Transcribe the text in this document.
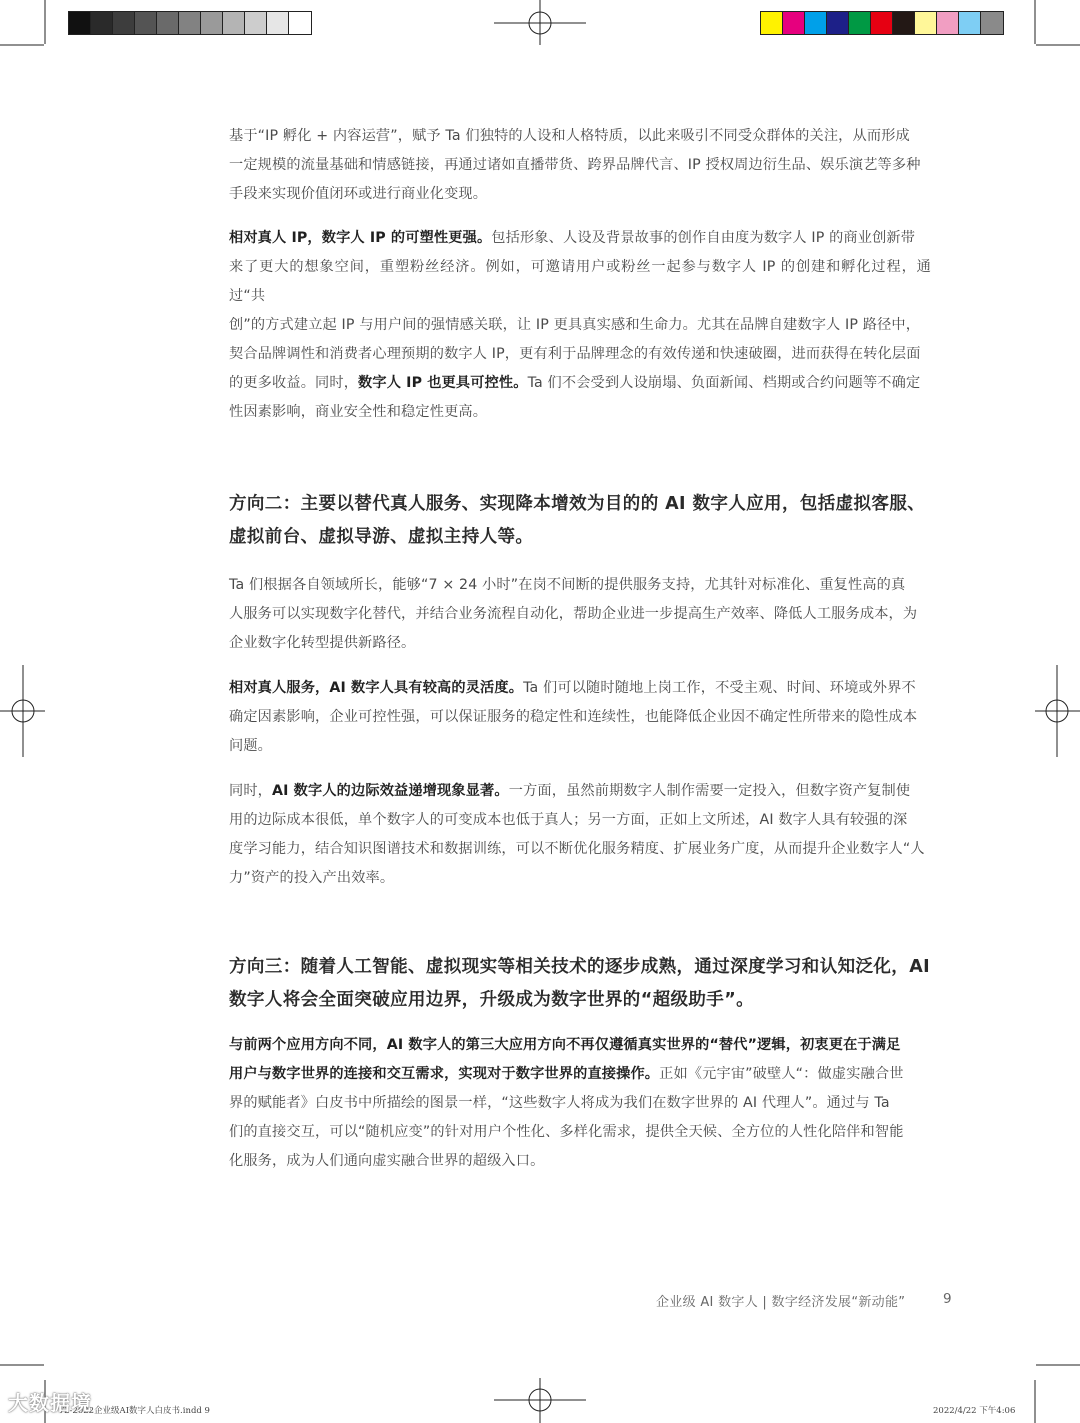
基于“IP 孵化 + 内容运营”，赋予 Ta 们独特的人设和人格特质，以此来吸引不同受众群体的关注，从而形成
一定规模的流量基础和情感链接，再通过诸如直播带货、跨界品牌代言、IP 授权周边衍生品、娱乐演艺等多种
手段来实现价值闭环或进行商业化变现。
相对真人 IP，数字人 IP 的可塑性更强。包括形象、人设及背景故事的创作自由度为数字人 IP 的商业创新带
来了更大的想象空间，重塑粉丝经济。例如，可邀请用户或粉丝一起参与数字人 IP 的创建和孵化过程，通过“共
创”的方式建立起 IP 与用户间的强情感关联，让 IP 更具真实感和生命力。尤其在品牌自建数字人 IP 路径中，
契合品牌调性和消费者心理预期的数字人 IP，更有利于品牌理念的有效传递和快速破圈，进而获得在转化层面
的更多收益。同时，数字人 IP 也更具可控性。Ta 们不会受到人设崩塌、负面新闻、档期或合约问题等不确定
性因素影响，商业安全性和稳定性更高。
方向二：主要以替代真人服务、实现降本增效为目的的 AI 数字人应用，包括虚拟客服、
虚拟前台、虚拟导游、虚拟主持人等。
Ta 们根据各自领域所长，能够“7 × 24 小时”在岗不间断的提供服务支持，尤其针对标准化、重复性高的真
人服务可以实现数字化替代，并结合业务流程自动化，帮助企业进一步提高生产效率、降低人工服务成本，为
企业数字化转型提供新路径。
相对真人服务，AI 数字人具有较高的灵活度。Ta 们可以随时随地上岗工作，不受主观、时间、环境或外界不
确定因素影响，企业可控性强，可以保证服务的稳定性和连续性，也能降低企业因不确定性所带来的隐性成本
问题。
同时，AI 数字人的边际效益递增现象显著。一方面，虽然前期数字人制作需要一定投入，但数字资产复制使
用的边际成本很低，单个数字人的可变成本也低于真人；另一方面，正如上文所述，AI 数字人具有较强的深
度学习能力，结合知识图谱技术和数据训练，可以不断优化服务精度、扩展业务广度，从而提升企业数字人“人
力”资产的投入产出效率。
方向三：随着人工智能、虚拟现实等相关技术的逐步成熟，通过深度学习和认知泛化，AI
数字人将会全面突破应用边界，升级成为数字世界的“超级助手”。
与前两个应用方向不同，AI 数字人的第三大应用方向不再仅遵循真实世界的“替代”逻辑，初衷更在于满足
用户与数字世界的连接和交互需求，实现对于数字世界的直接操作。正如《元宇宙”破壁人“：做虚实融合世
界的赋能者》白皮书中所描绘的图景一样，“这些数字人将成为我们在数字世界的 AI 代理人”。通过与 Ta
们的直接交互，可以“随机应变”的针对用户个性化、多样化需求，提供全天候、全方位的人性化陪伴和智能
化服务，成为人们通向虚实融合世界的超级入口。
企业级 AI 数字人 | 数字经济发展“新动能”	9
V2-2022企业级AI数字人白皮书.indd 9	2022/4/22 下午4:06
大数据境
